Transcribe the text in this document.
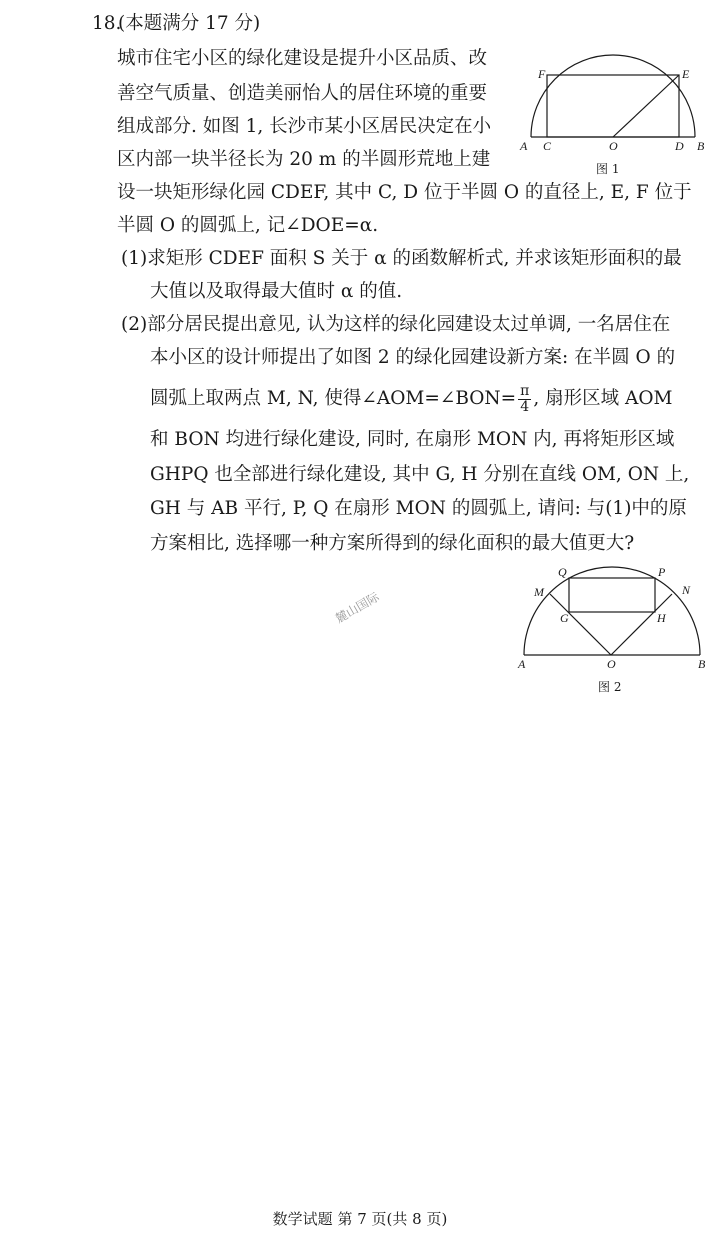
18.
(本题满分 17 分)
城市住宅小区的绿化建设是提升小区品质、改
善空气质量、创造美丽怡人的居住环境的重要
组成部分. 如图 1, 长沙市某小区居民决定在小
区内部一块半径长为 20 m 的半圆形荒地上建
设一块矩形绿化园 CDEF, 其中 C, D 位于半圆 O 的直径上, E, F 位于
半圆 O 的圆弧上, 记∠DOE=α.
(1)求矩形 CDEF 面积 S 关于 α 的函数解析式, 并求该矩形面积的最
大值以及取得最大值时 α 的值.
(2)部分居民提出意见, 认为这样的绿化园建设太过单调, 一名居住在
本小区的设计师提出了如图 2 的绿化园建设新方案: 在半圆 O 的
圆弧上取两点 M, N, 使得∠AOM=∠BON= $\frac{\pi}{4}$ , 扇形区域 AOM
和 BON 均进行绿化建设, 同时, 在扇形 MON 内, 再将矩形区域
GHPQ 也全部进行绿化建设, 其中 G, H 分别在直线 OM, ON 上,
GH 与 AB 平行, P, Q 在扇形 MON 的圆弧上, 请问: 与(1)中的原
方案相比, 选择哪一种方案所得到的绿化面积的最大值更大?
A C	O	D B
E
F
图 1
A	O	B
M	N
Q	P
G	H
图 2
麓山国际
数学试题 第 7 页(共 8 页)
